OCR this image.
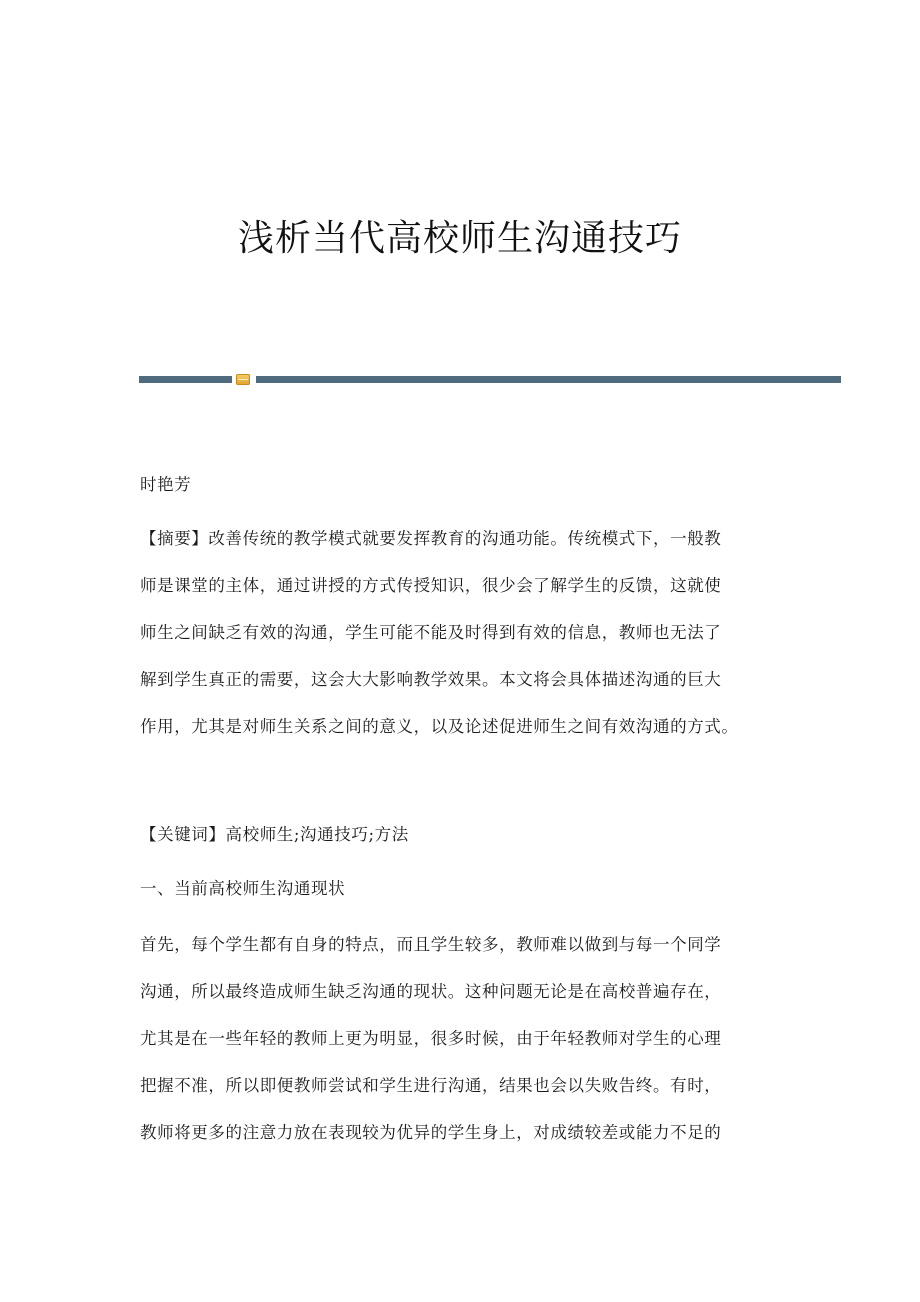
浅析当代高校师生沟通技巧
时艳芳
【摘要】改善传统的教学模式就要发挥教育的沟通功能。传统模式下，一般教
师是课堂的主体，通过讲授的方式传授知识，很少会了解学生的反馈，这就使
师生之间缺乏有效的沟通，学生可能不能及时得到有效的信息，教师也无法了
解到学生真正的需要，这会大大影响教学效果。本文将会具体描述沟通的巨大
作用，尤其是对师生关系之间的意义，以及论述促进师生之间有效沟通的方式。
【关键词】高校师生;沟通技巧;方法
一、当前高校师生沟通现状
首先，每个学生都有自身的特点，而且学生较多，教师难以做到与每一个同学
沟通，所以最终造成师生缺乏沟通的现状。这种问题无论是在高校普遍存在，
尤其是在一些年轻的教师上更为明显，很多时候，由于年轻教师对学生的心理
把握不准，所以即便教师尝试和学生进行沟通，结果也会以失败告终。有时，
教师将更多的注意力放在表现较为优异的学生身上，对成绩较差或能力不足的
